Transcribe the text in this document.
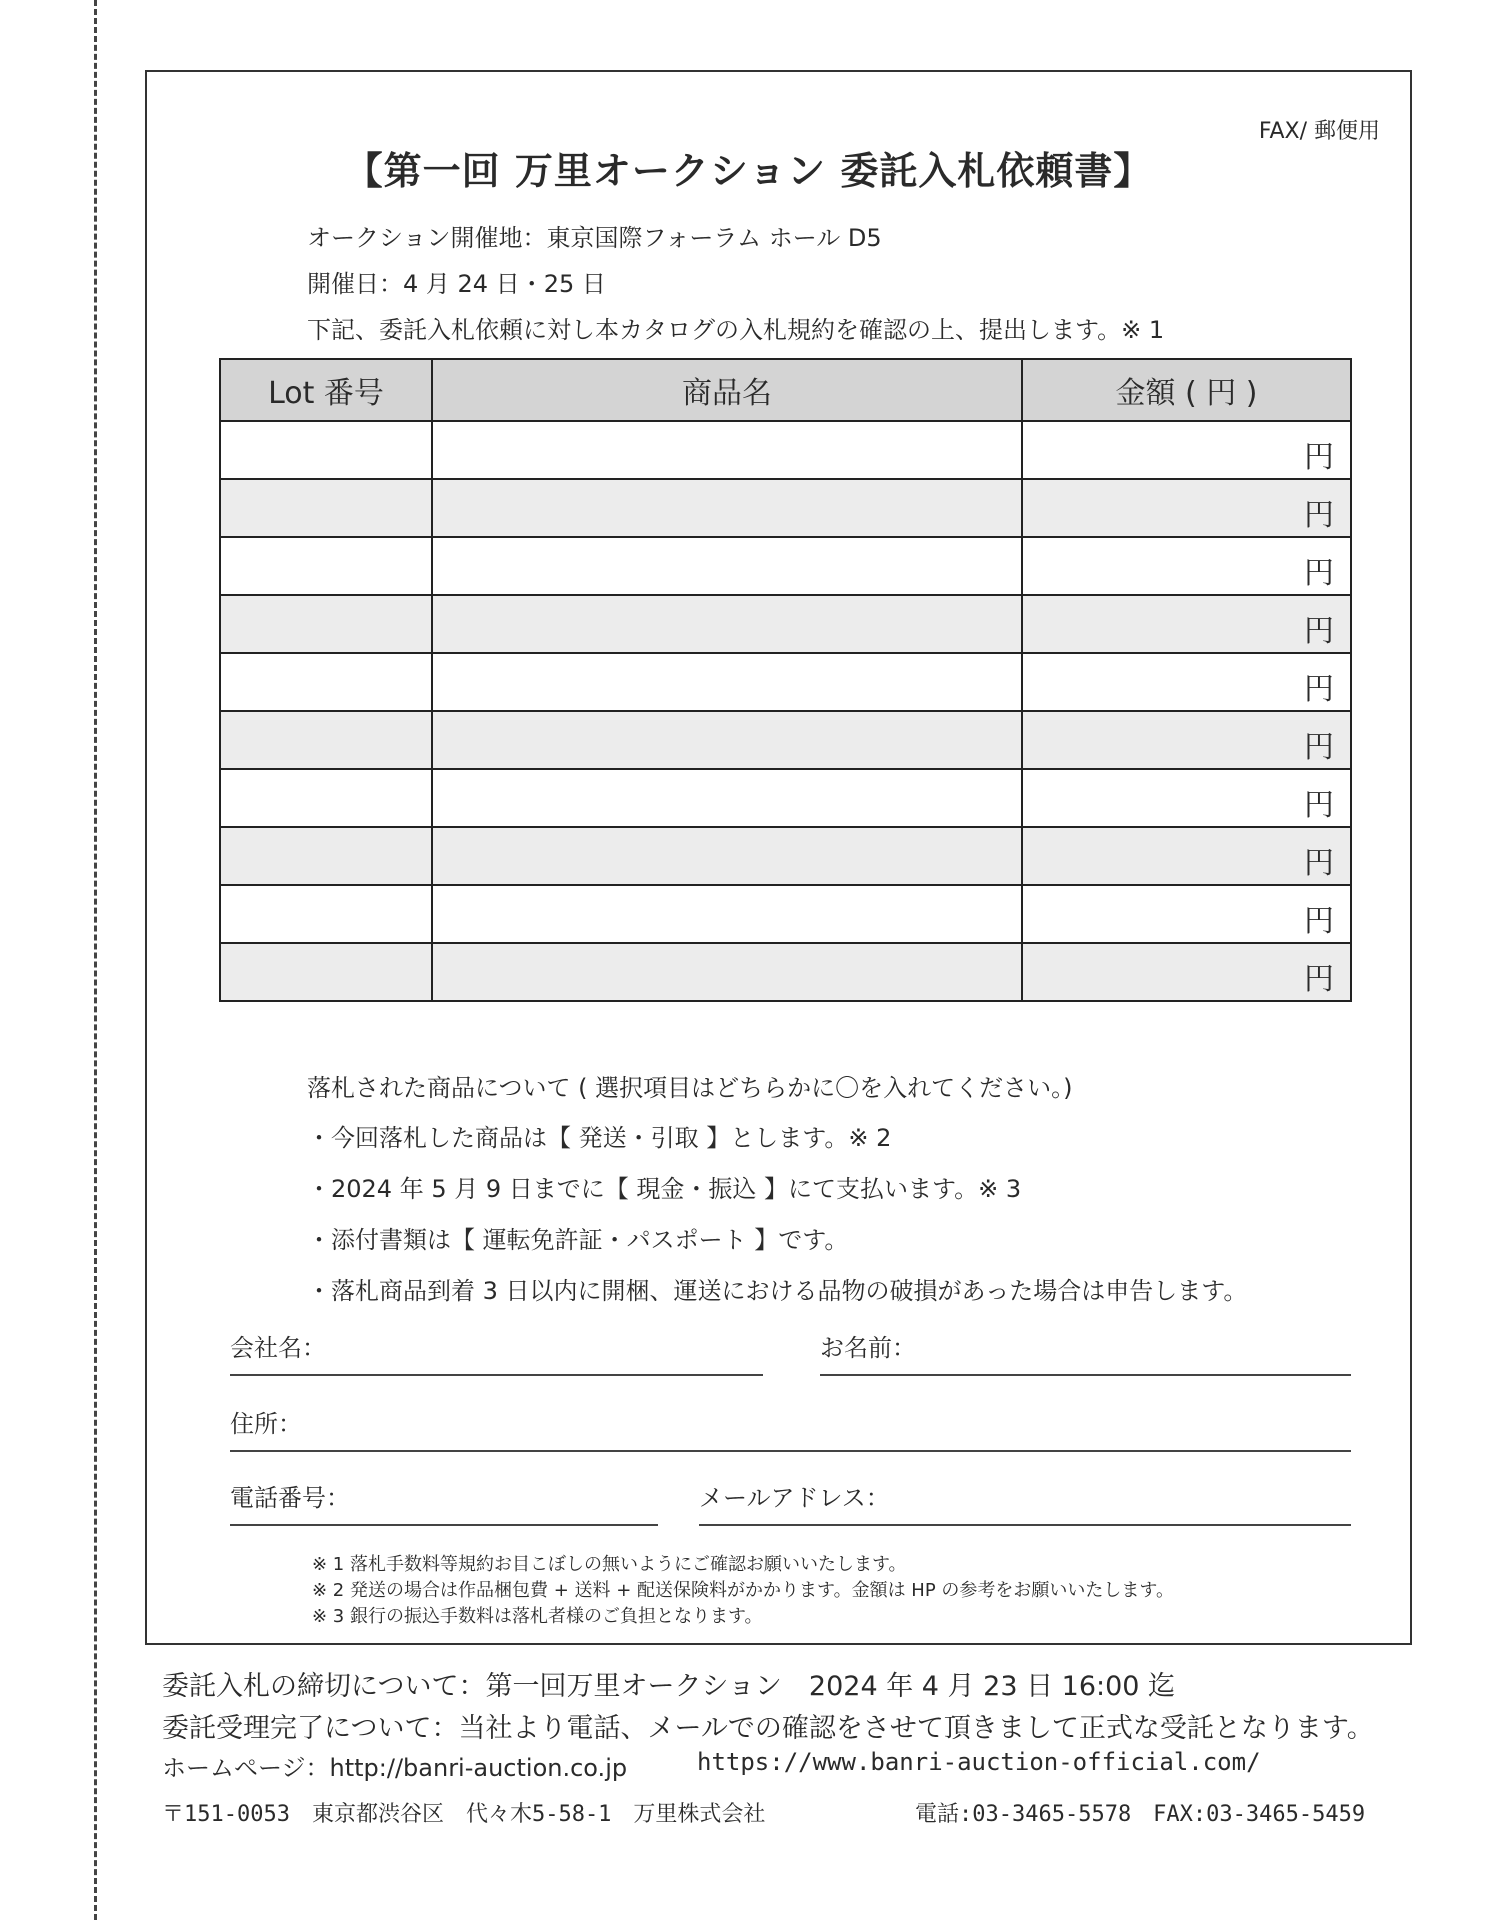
FAX/ 郵便用
【第一回 万里オークション 委託入札依頼書】
オークション開催地：東京国際フォーラム ホール D5
開催日：4 月 24 日・25 日
下記、委託入札依頼に対し本カタログの入札規約を確認の上、提出します。※ 1
Lot 番号	商品名	金額 ( 円 )
		円
		円
		円
		円
		円
		円
		円
		円
		円
		円
落札された商品について ( 選択項目はどちらかに〇を入れてください。)
・今回落札した商品は【 発送・引取 】とします。※ 2
・2024 年 5 月 9 日までに【 現金・振込 】にて支払います。※ 3
・添付書類は【 運転免許証・パスポート 】です。
・落札商品到着 3 日以内に開梱、運送における品物の破損があった場合は申告します。
会社名：	お名前：
住所：
電話番号：	メールアドレス：
※ 1 落札手数料等規約お目こぼしの無いようにご確認お願いいたします。
※ 2 発送の場合は作品梱包費 + 送料 + 配送保険料がかかります。金額は HP の参考をお願いいたします。
※ 3 銀行の振込手数料は落札者様のご負担となります。
委託入札の締切について：第一回万里オークション　2024 年 4 月 23 日 16:00 迄
委託受理完了について：当社より電話、メールでの確認をさせて頂きまして正式な受託となります。
ホームページ：http://banri-auction.co.jp	https://www.banri-auction-official.com/
〒151-0053　東京都渋谷区　代々木5-58-1　万里株式会社	電話:03-3465-5578　FAX:03-3465-5459
